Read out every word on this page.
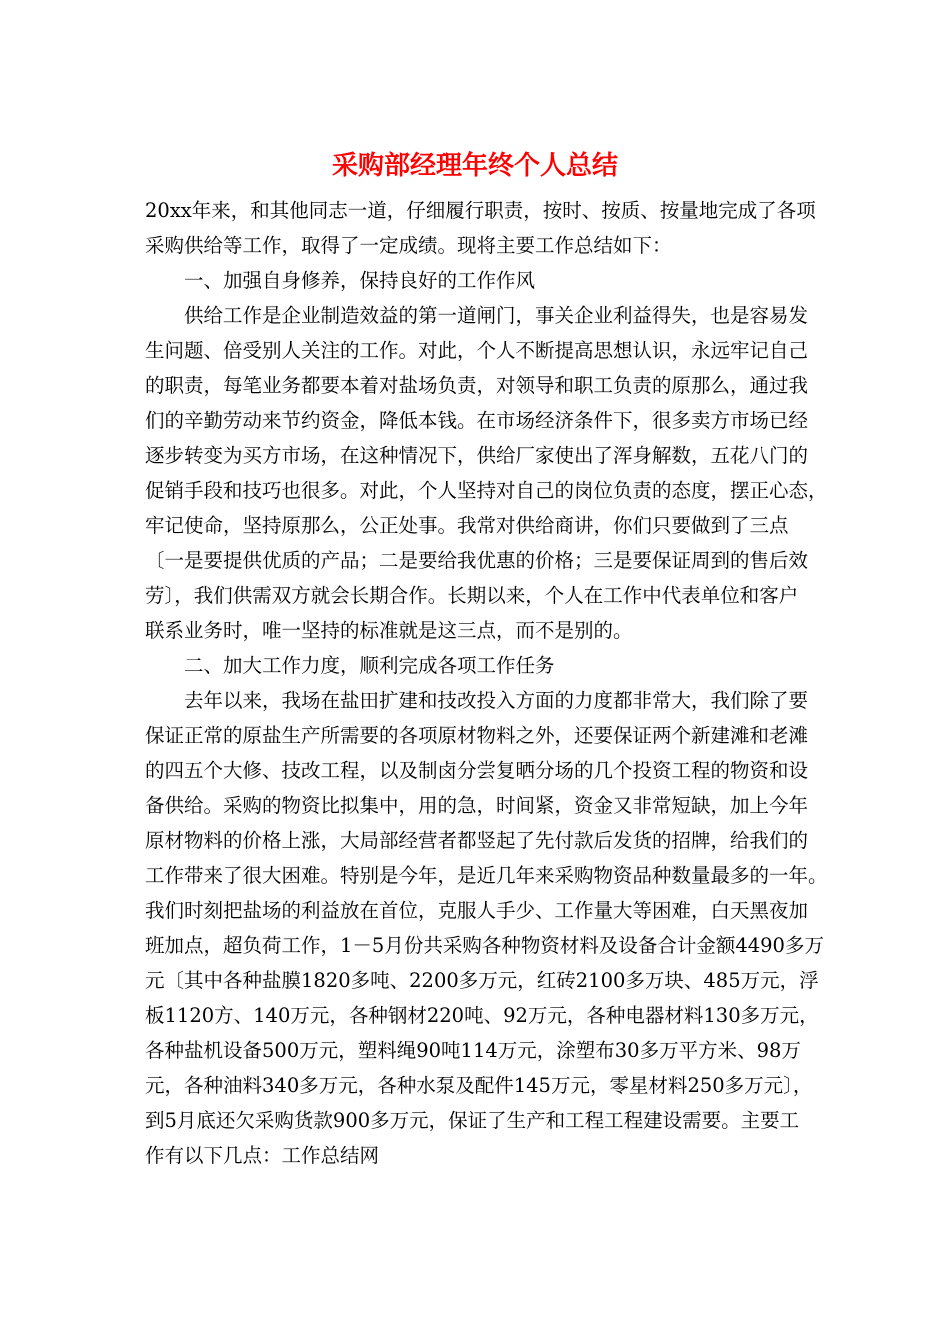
采购部经理年终个人总结

20xx年来，和其他同志一道，仔细履行职责，按时、按质、按量地完成了各项

采购供给等工作，取得了一定成绩。现将主要工作总结如下：

一、加强自身修养，保持良好的工作作风

供给工作是企业制造效益的第一道闸门，事关企业利益得失，也是容易发

生问题、倍受别人关注的工作。对此，个人不断提高思想认识，永远牢记自己

的职责，每笔业务都要本着对盐场负责，对领导和职工负责的原那么，通过我

们的辛勤劳动来节约资金，降低本钱。在市场经济条件下，很多卖方市场已经

逐步转变为买方市场，在这种情况下，供给厂家使出了浑身解数，五花八门的

促销手段和技巧也很多。对此，个人坚持对自己的岗位负责的态度，摆正心态，

牢记使命，坚持原那么，公正处事。我常对供给商讲，你们只要做到了三点

〔一是要提供优质的产品；二是要给我优惠的价格；三是要保证周到的售后效

劳〕，我们供需双方就会长期合作。长期以来，个人在工作中代表单位和客户

联系业务时，唯一坚持的标准就是这三点，而不是别的。

二、加大工作力度，顺利完成各项工作任务

去年以来，我场在盐田扩建和技改投入方面的力度都非常大，我们除了要

保证正常的原盐生产所需要的各项原材物料之外，还要保证两个新建滩和老滩

的四五个大修、技改工程，以及制卤分尝复晒分场的几个投资工程的物资和设

备供给。采购的物资比拟集中，用的急，时间紧，资金又非常短缺，加上今年

原材物料的价格上涨，大局部经营者都竖起了先付款后发货的招牌，给我们的

工作带来了很大困难。特别是今年，是近几年来采购物资品种数量最多的一年。

我们时刻把盐场的利益放在首位，克服人手少、工作量大等困难，白天黑夜加

班加点，超负荷工作，1－5月份共采购各种物资材料及设备合计金额4490多万

元〔其中各种盐膜1820多吨、2200多万元，红砖2100多万块、485万元，浮

板1120方、140万元，各种钢材220吨、92万元，各种电器材料130多万元，

各种盐机设备500万元，塑料绳90吨114万元，涂塑布30多万平方米、98万

元，各种油料340多万元，各种水泵及配件145万元，零星材料250多万元〕，

到5月底还欠采购货款900多万元，保证了生产和工程工程建设需要。主要工

作有以下几点：工作总结网
